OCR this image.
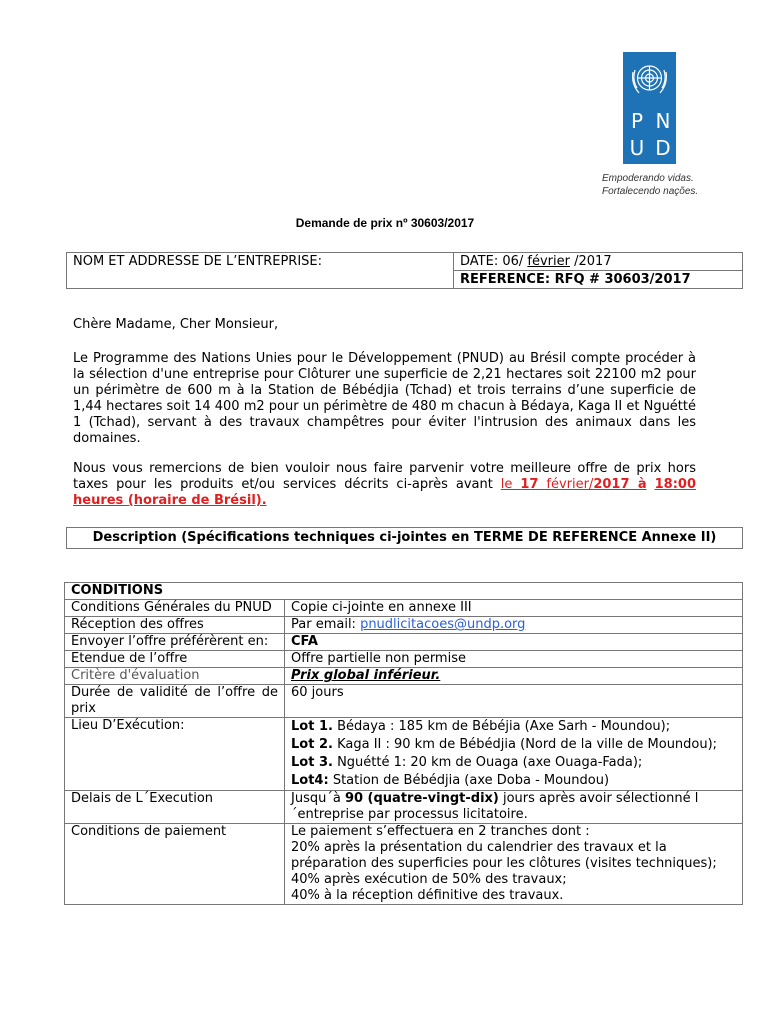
P N
U D
Empoderando vidas.
Fortalecendo nações.
Demande de prix nº 30603/2017
NOM ET ADDRESSE DE L’ENTREPRISE:	DATE: 06/ février /2017
REFERENCE: RFQ # 30603/2017
Chère Madame, Cher Monsieur,
Le Programme des Nations Unies pour le Développement (PNUD) au Brésil compte procéder à la sélection d'une entreprise pour Clôturer une superficie de 2,21 hectares soit 22100 m2 pour un périmètre de 600 m à la Station de Bébédjia (Tchad) et trois terrains d’une superficie de 1,44 hectares soit 14 400 m2 pour un périmètre de 480 m chacun à Bédaya, Kaga II et Nguétté 1 (Tchad), servant à des travaux champêtres pour éviter l'intrusion des animaux dans les domaines.
Nous vous remercions de bien vouloir nous faire parvenir votre meilleure offre de prix hors taxes pour les produits et/ou services décrits ci-après avant le 17 février/2017 à 18:00 heures (horaire de Brésil).
Description (Spécifications techniques ci-jointes en TERME DE REFERENCE Annexe II)
CONDITIONS	
Conditions Générales du PNUD	Copie ci-jointe en annexe III
Réception des offres	Par email: pnudlicitacoes@undp.org
Envoyer l’offre préférèrent en:	CFA
Etendue de l’offre	Offre partielle non permise
Critère d'évaluation	Prix global inférieur.
Durée de validité de l’offre de prix	60 jours
Lieu D’Exécution:	Lot 1. Bédaya : 185 km de Bébéjia (Axe Sarh - Moundou);
Lot 2. Kaga II : 90 km de Bébédjia (Nord de la ville de Moundou);
Lot 3. Nguétté 1: 20 km de Ouaga (axe Ouaga-Fada);
Lot4: Station de Bébédjia (axe Doba - Moundou)

Delais de L´Execution	Jusqu´à 90 (quatre-vingt-dix) jours après avoir sélectionné l´entreprise par processus licitatoire.
Conditions de paiement	Le paiement s’effectuera en 2 tranches dont :
20% après la présentation du calendrier des travaux et la préparation des superficies pour les clôtures (visites techniques);
40% après exécution de 50% des travaux;
40% à la réception définitive des travaux.
